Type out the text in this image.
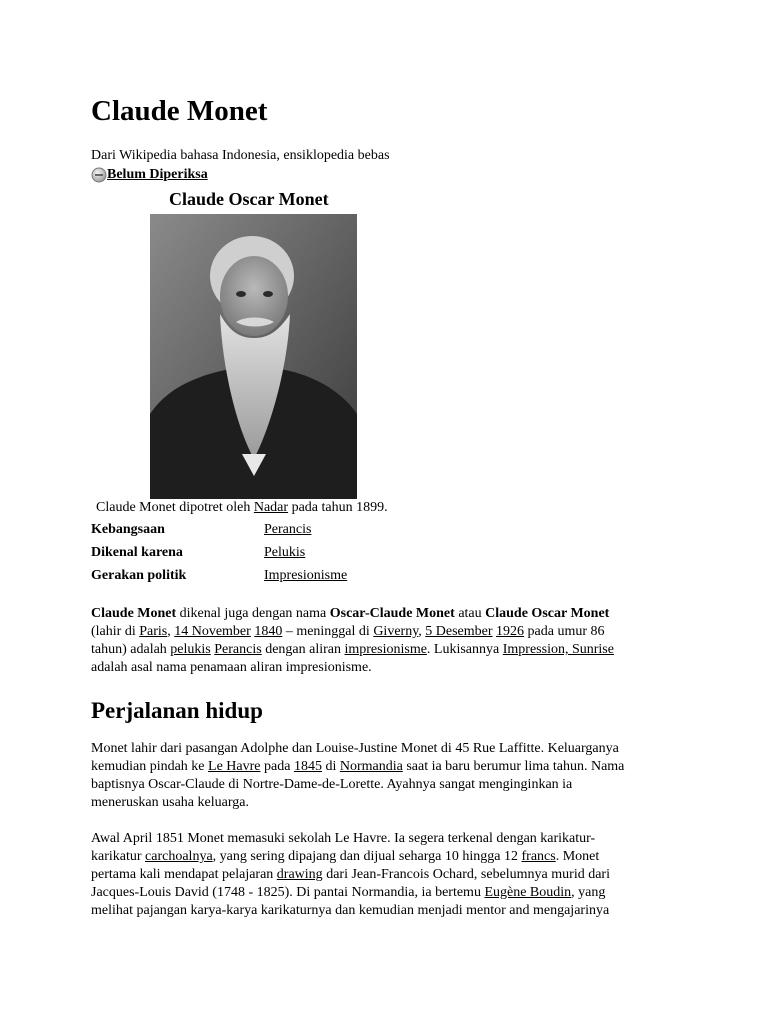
Claude Monet
Dari Wikipedia bahasa Indonesia, ensiklopedia bebas
Belum Diperiksa
Claude Oscar Monet
Claude Monet dipotret oleh Nadar pada tahun 1899.
Kebangsaan	Perancis
Dikenal karena	Pelukis
Gerakan politik	Impresionisme
Claude Monet dikenal juga dengan nama Oscar-Claude Monet atau Claude Oscar Monet
(lahir di Paris, 14 November 1840 – meninggal di Giverny, 5 Desember 1926 pada umur 86
tahun) adalah pelukis Perancis dengan aliran impresionisme. Lukisannya Impression, Sunrise
adalah asal nama penamaan aliran impresionisme.
Perjalanan hidup
Monet lahir dari pasangan Adolphe dan Louise-Justine Monet di 45 Rue Laffitte. Keluarganya
kemudian pindah ke Le Havre pada 1845 di Normandia saat ia baru berumur lima tahun. Nama
baptisnya Oscar-Claude di Nortre-Dame-de-Lorette. Ayahnya sangat menginginkan ia
meneruskan usaha keluarga.
Awal April 1851 Monet memasuki sekolah Le Havre. Ia segera terkenal dengan karikatur-
karikatur carchoalnya, yang sering dipajang dan dijual seharga 10 hingga 12 francs. Monet
pertama kali mendapat pelajaran drawing dari Jean-Francois Ochard, sebelumnya murid dari
Jacques-Louis David (1748 - 1825). Di pantai Normandia, ia bertemu Eugène Boudin, yang
melihat pajangan karya-karya karikaturnya dan kemudian menjadi mentor and mengajarinya
